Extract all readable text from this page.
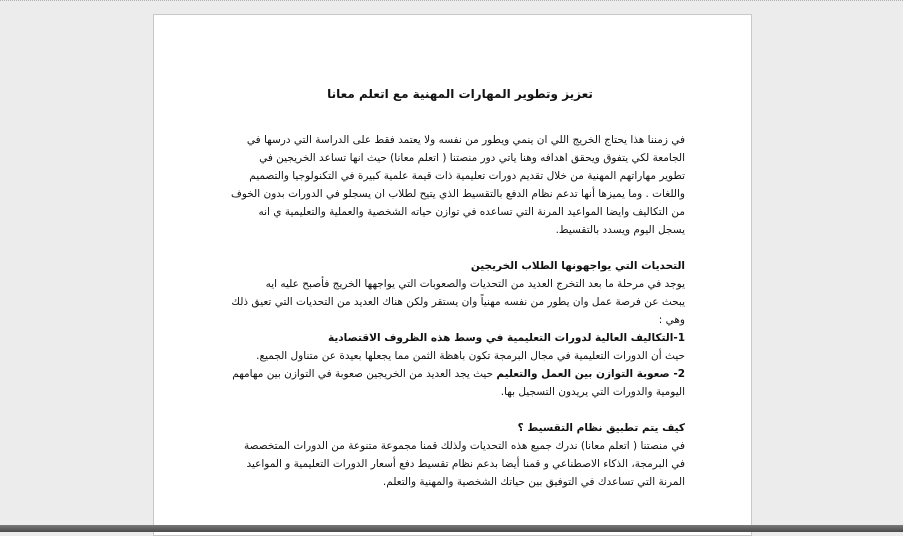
تعزيز وتطوير المهارات المهنية مع اتعلم معانا
في زمننا هذا يحتاج الخريج اللي ان ينمي ويطور من نفسه ولا يعتمد فقط على الدراسة التي درسها في
الجامعة لكي يتفوق ويحقق اهدافه وهنا ياتي دور منصتنا ( اتعلم معانا) حيث انها تساعد الخريجين في
تطوير مهاراتهم المهنية من خلال تقديم دورات تعليمية ذات قيمة علمية كبيرة في التكنولوجيا والتصميم
واللغات . وما يميزها أنها تدعم نظام الدفع بالتقسيط الذي يتيح لطلاب ان يسجلو في الدورات بدون الخوف
من التكاليف وايضا المواعيد المرنة التي تساعده في توازن حياته الشخصية والعملية والتعليمية ي انه
يسجل اليوم ويسدد بالتقسيط.
التحديات التي يواجهونها الطلاب الخريجين
يوجد في مرحلة ما بعد التخرج العديد من التحديات والصعوبات التي يواجهها الخريج فأصبح عليه ايه
يبحث عن فرصة عمل وان يطور من نفسه مهنياً وان يستقر ولكن هناك العديد من التحديات التي تعيق ذلك
وهي :
1-التكاليف العالية لدورات التعليمية في وسط هذه الظروف الاقتصادية
حيث أن الدورات التعليمية في مجال البرمجة تكون باهظة الثمن مما يجعلها بعيدة عن متناول الجميع.
2- صعوبة التوازن بين العمل والتعليم حيث يجد العديد من الخريجين صعوبة في التوازن بين مهامهم
اليومية والدورات التي يريدون التسجيل بها.
كيف يتم تطبيق نظام التقسيط ؟
في منصتنا ( اتعلم معانا) ندرك جميع هذه التحديات ولذلك قمنا مجموعة متنوعة من الدورات المتخصصة
في البرمجة، الذكاء الاصطناعي و قمنا أيضا بدعم نظام تقسيط دفع أسعار الدورات التعليمية و المواعيد
المرنة التي تساعدك في التوفيق بين حياتك الشخصية والمهنية والتعلم.
